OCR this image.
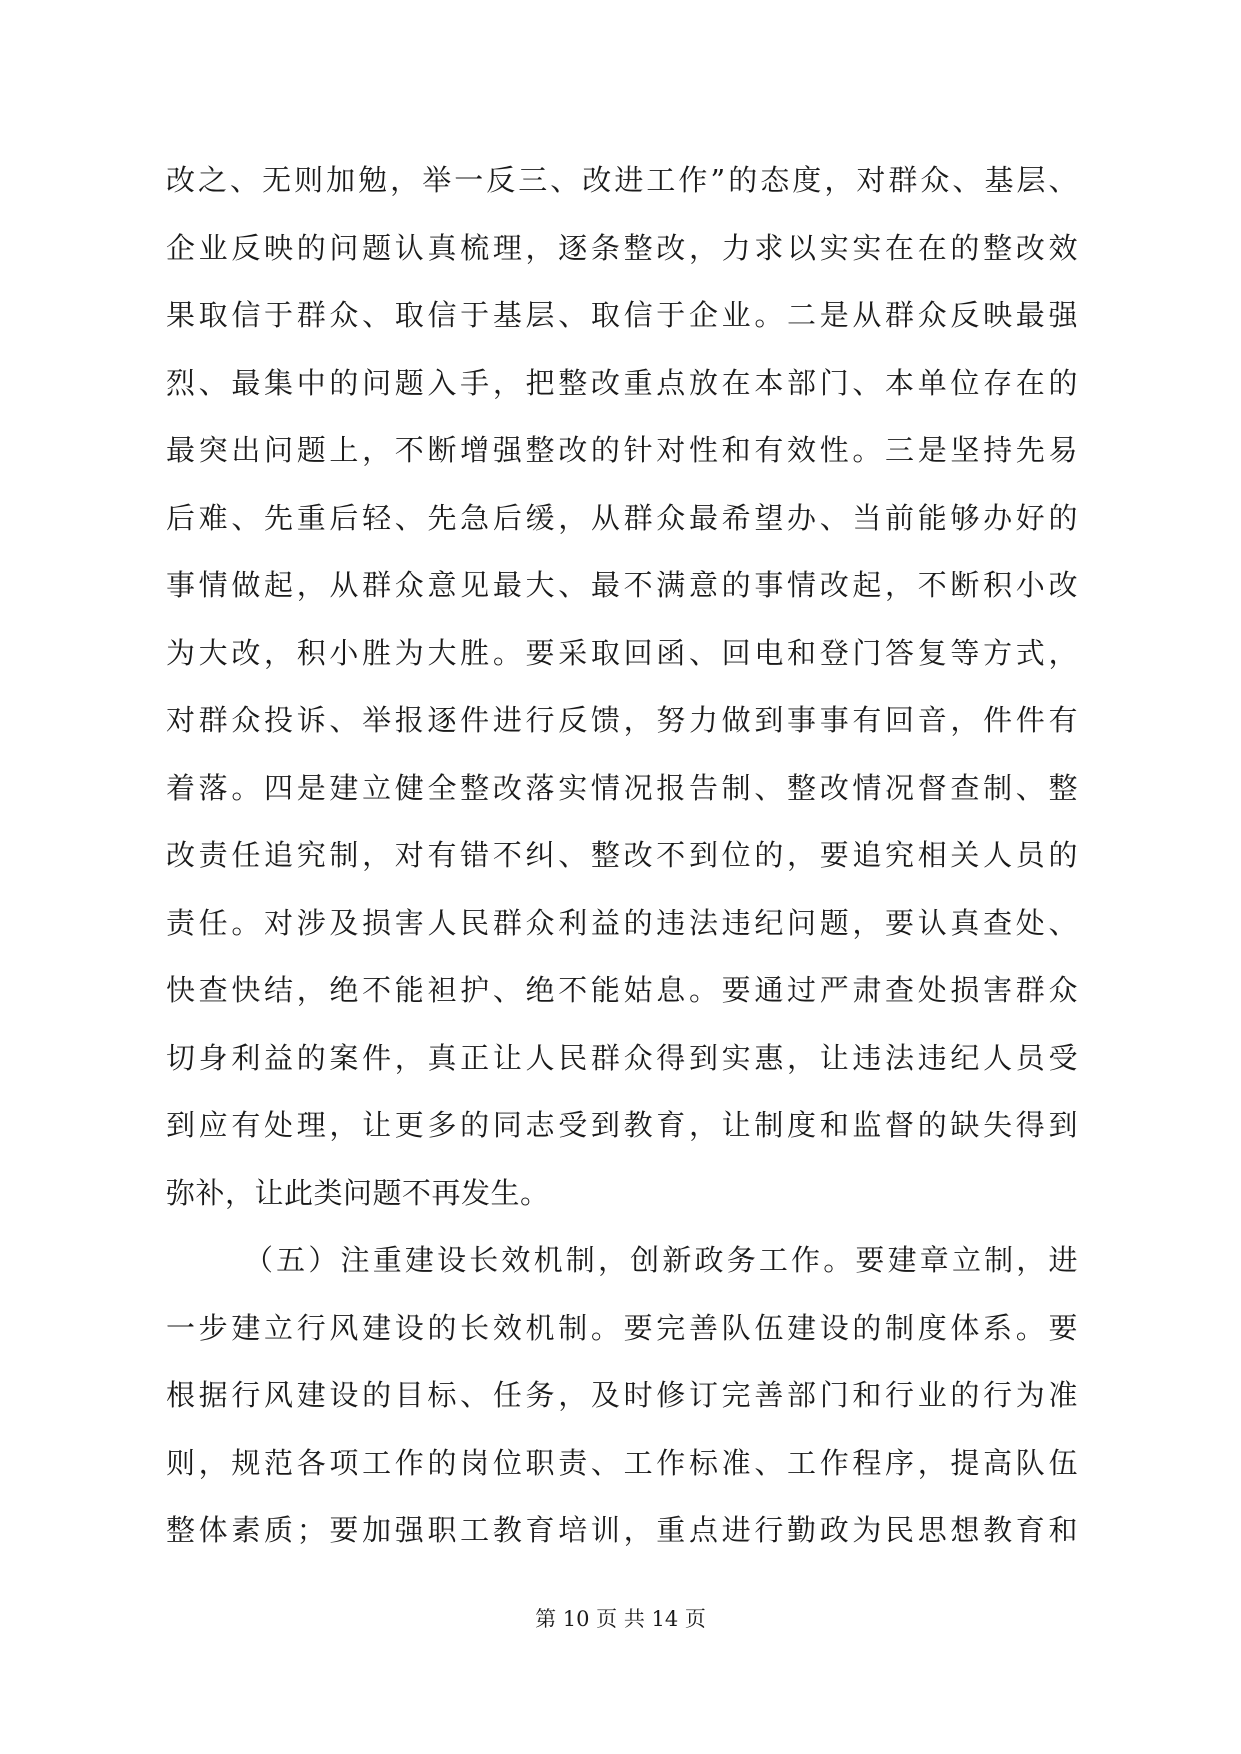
改之、无则加勉，举一反三、改进工作”的态度，对群众、基层、
企业反映的问题认真梳理，逐条整改，力求以实实在在的整改效
果取信于群众、取信于基层、取信于企业。二是从群众反映最强
烈、最集中的问题入手，把整改重点放在本部门、本单位存在的
最突出问题上，不断增强整改的针对性和有效性。三是坚持先易
后难、先重后轻、先急后缓，从群众最希望办、当前能够办好的
事情做起，从群众意见最大、最不满意的事情改起，不断积小改
为大改，积小胜为大胜。要采取回函、回电和登门答复等方式，
对群众投诉、举报逐件进行反馈，努力做到事事有回音，件件有
着落。四是建立健全整改落实情况报告制、整改情况督查制、整
改责任追究制，对有错不纠、整改不到位的，要追究相关人员的
责任。对涉及损害人民群众利益的违法违纪问题，要认真查处、
快查快结，绝不能袒护、绝不能姑息。要通过严肃查处损害群众
切身利益的案件，真正让人民群众得到实惠，让违法违纪人员受
到应有处理，让更多的同志受到教育，让制度和监督的缺失得到
弥补，让此类问题不再发生。
（五）注重建设长效机制，创新政务工作。要建章立制，进
一步建立行风建设的长效机制。要完善队伍建设的制度体系。要
根据行风建设的目标、任务，及时修订完善部门和行业的行为准
则，规范各项工作的岗位职责、工作标准、工作程序，提高队伍
整体素质；要加强职工教育培训，重点进行勤政为民思想教育和
第 10 页 共 14 页
